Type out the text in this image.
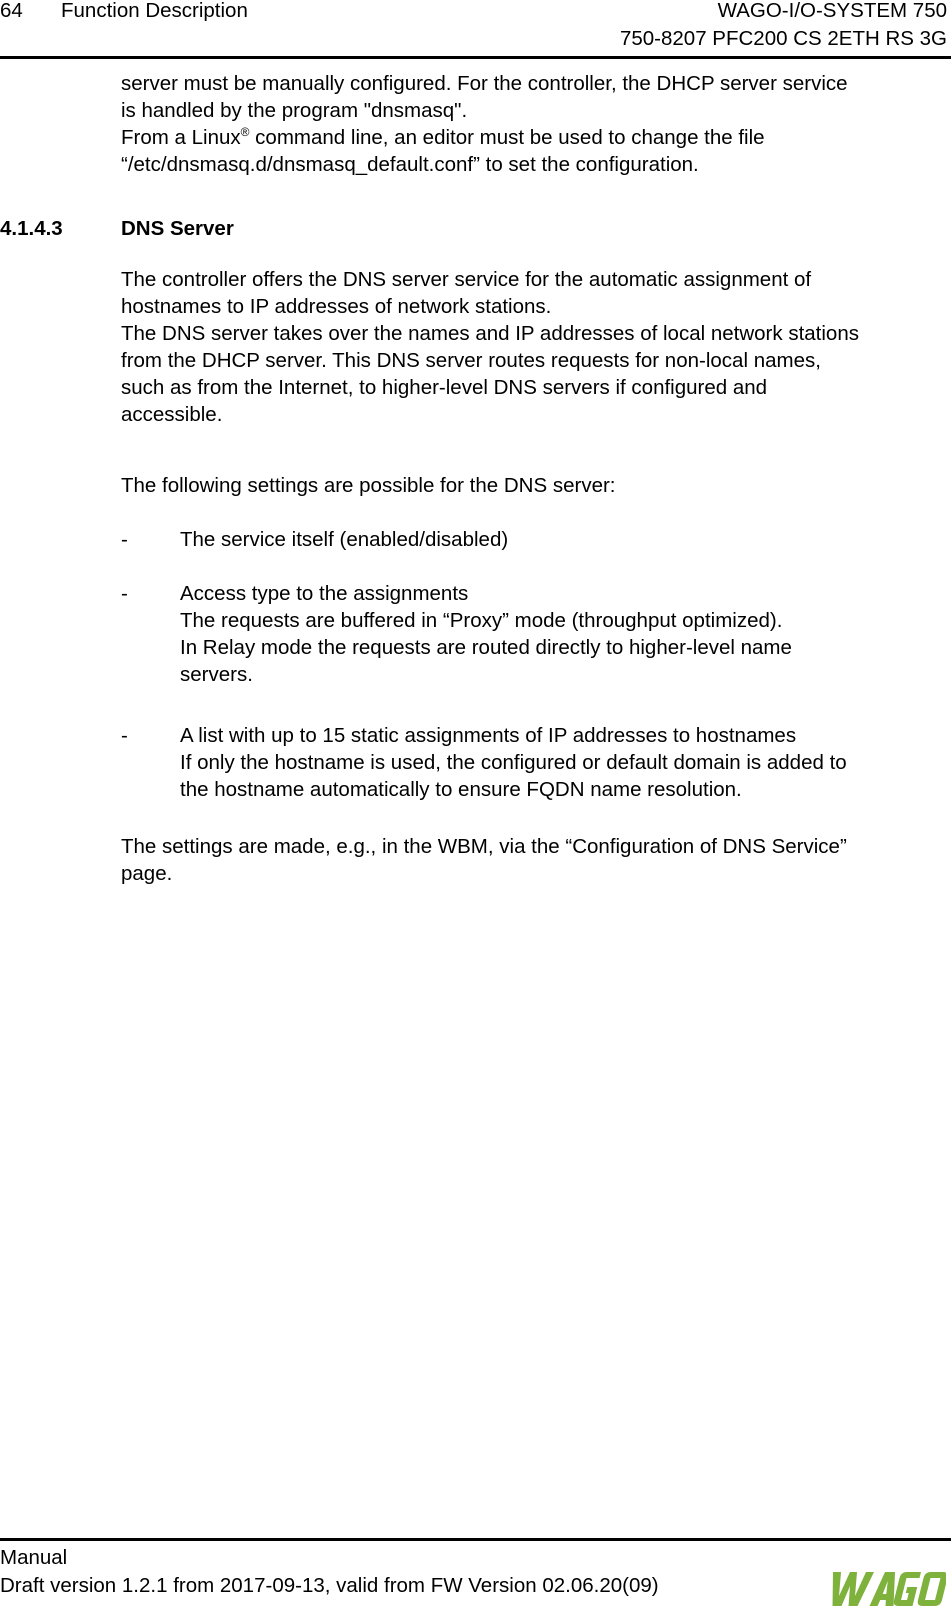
64 Function Description	WAGO-I/O-SYSTEM 750
750-8207 PFC200 CS 2ETH RS 3G
server must be manually configured. For the controller, the DHCP server service
is handled by the program "dnsmasq".
From a Linux® command line, an editor must be used to change the file
“/etc/dnsmasq.d/dnsmasq_default.conf” to set the configuration.
4.1.4.3	DNS Server
The controller offers the DNS server service for the automatic assignment of
hostnames to IP addresses of network stations.
The DNS server takes over the names and IP addresses of local network stations
from the DHCP server. This DNS server routes requests for non-local names,
such as from the Internet, to higher-level DNS servers if configured and
accessible.
The following settings are possible for the DNS server:
-	The service itself (enabled/disabled)
-	Access type to the assignments
The requests are buffered in “Proxy” mode (throughput optimized).
In Relay mode the requests are routed directly to higher-level name
servers.
-	A list with up to 15 static assignments of IP addresses to hostnames
If only the hostname is used, the configured or default domain is added to
the hostname automatically to ensure FQDN name resolution.
The settings are made, e.g., in the WBM, via the “Configuration of DNS Service”
page.
Manual
Draft version 1.2.1 from 2017-09-13, valid from FW Version 02.06.20(09)
